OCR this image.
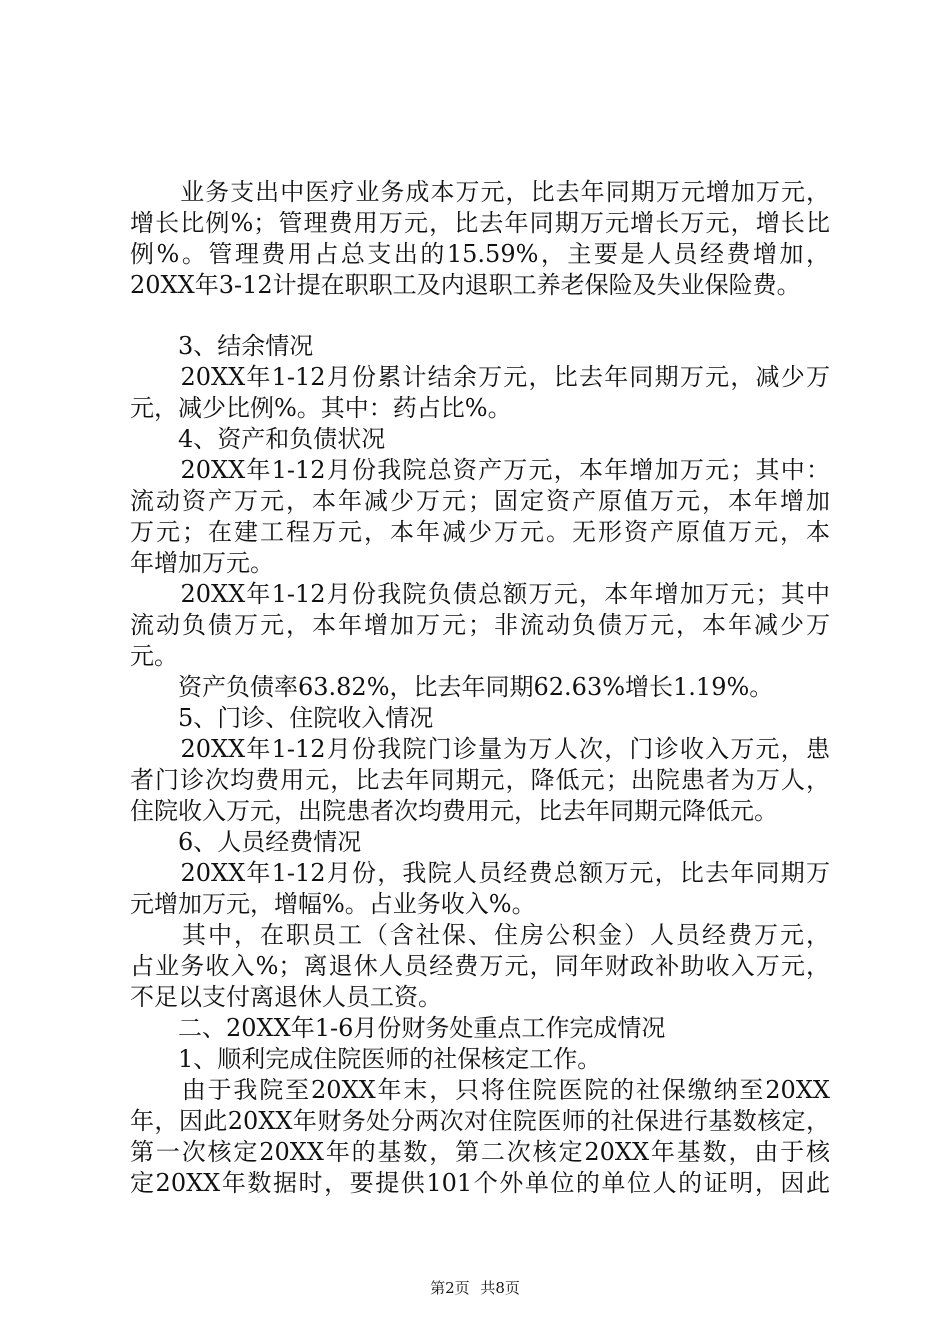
　　业务支出中医疗业务成本万元，比去年同期万元增加万元，
增长比例%；管理费用万元，比去年同期万元增长万元，增长比
例%。管理费用占总支出的15.59%，主要是人员经费增加，
20XX年3-12计提在职职工及内退职工养老保险及失业保险费。
　　3、结余情况
　　20XX年1-12月份累计结余万元，比去年同期万元，减少万
元，减少比例%。其中：药占比%。
　　4、资产和负债状况
　　20XX年1-12月份我院总资产万元，本年增加万元；其中：
流动资产万元，本年减少万元；固定资产原值万元，本年增加
万元；在建工程万元，本年减少万元。无形资产原值万元，本
年增加万元。
　　20XX年1-12月份我院负债总额万元，本年增加万元；其中
流动负债万元，本年增加万元；非流动负债万元，本年减少万
元。
　　资产负债率63.82%，比去年同期62.63%增长1.19%。
　　5、门诊、住院收入情况
　　20XX年1-12月份我院门诊量为万人次，门诊收入万元，患
者门诊次均费用元，比去年同期元，降低元；出院患者为万人，
住院收入万元，出院患者次均费用元，比去年同期元降低元。
　　6、人员经费情况
　　20XX年1-12月份，我院人员经费总额万元，比去年同期万
元增加万元，增幅%。占业务收入%。
　　其中，在职员工（含社保、住房公积金）人员经费万元，
占业务收入%；离退休人员经费万元，同年财政补助收入万元，
不足以支付离退休人员工资。
　　二、20XX年1-6月份财务处重点工作完成情况
　　1、顺利完成住院医师的社保核定工作。
　　由于我院至20XX年末，只将住院医院的社保缴纳至20XX
年，因此20XX年财务处分两次对住院医师的社保进行基数核定，
第一次核定20XX年的基数，第二次核定20XX年基数，由于核
定20XX年数据时，要提供101个外单位的单位人的证明，因此
第2页 共8页
